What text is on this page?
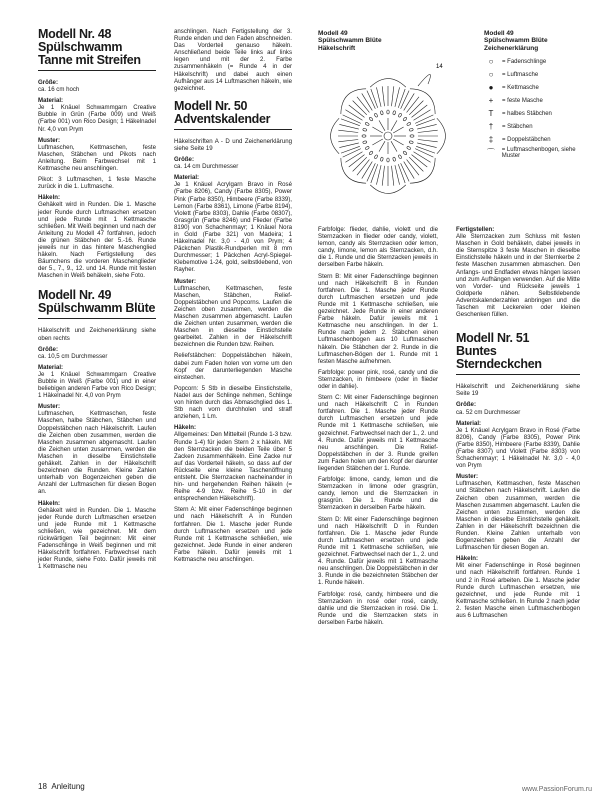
Modell Nr. 48
Spülschwamm
Tanne mit Streifen

Größe:
ca. 16 cm hoch

Material:
Je 1 Knäuel Schwammgarn Creative Bubble in Grün (Farbe 009) und Weiß (Farbe 001) von Rico Design; 1 Häkelnadel Nr. 4,0 von Prym

Muster:
Luftmaschen, Kettmaschen, feste Maschen, Stäbchen und Pikots nach Anleitung. Beim Farbwechsel mit 1 Kettmasche neu anschlingen.

Pikot: 3 Luftmaschen, 1 feste Masche zurück in die 1. Luftmasche.

Häkeln:
Gehäkelt wird in Runden. Die 1. Masche jeder Runde durch Luftmaschen ersetzen und jede Runde mit 1 Kettmasche schließen. Mit Weiß beginnen und nach der Anleitung zu Modell 47 fortfahren, jedoch die grünen Stäbchen der 5.-16. Runde jeweils nur in das hintere Maschenglied häkeln. Nach Fertigstellung des Bäumchens die vorderen Maschenglieder der 5., 7., 9., 12. und 14. Runde mit festen Maschen in Weiß behäkeln, siehe Foto.

Modell Nr. 49
Spülschwamm Blüte

Häkelschrift und Zeichenerklärung siehe oben rechts

Größe:
ca. 10,5 cm Durchmesser

Material:
Je 1 Knäuel Schwammgarn Creative Bubble in Weiß (Farbe 001) und in einer beliebigen anderen Farbe von Rico Design; 1 Häkelnadel Nr. 4,0 von Prym

Muster:
Luftmaschen, Kettmaschen, feste Maschen, halbe Stäbchen, Stäbchen und Doppelstäbchen nach Häkelschrift. Laufen die Zeichen oben zusammen, werden die Maschen zusammen abgemascht. Laufen die Zeichen unten zusammen, werden die Maschen in dieselbe Einstichstelle gehäkelt. Zahlen in der Häkelschrift bezeichnen die Runden. Kleine Zahlen unterhalb von Bogenzeichen geben die Anzahl der Luftmaschen für diesen Bogen an.

Häkeln:
Gehäkelt wird in Runden. Die 1. Masche jeder Runde durch Luftmaschen ersetzen und jede Runde mit 1 Kettmasche schließen, wie gezeichnet. Mit dem rückwärtigen Teil beginnen: Mit einer Fadenschlinge in Weiß beginnen und mit Häkelschrift fortfahren. Farbwechsel nach jeder Runde, siehe Foto. Dafür jeweils mit 1 Kettmasche neu

anschlingen. Nach Fertigstellung der 3. Runde enden und den Faden abschneiden. Das Vorderteil genauso häkeln. Anschließend beide Teile links auf links legen und mit der 2. Farbe zusammenhäkeln (= Runde 4 in der Häkelschrift) und dabei auch einen Aufhänger aus 14 Luftmaschen häkeln, wie gezeichnet.

Modell Nr. 50
Adventskalender

Häkelschriften A - D und Zeichenerklärung siehe Seite 19

Größe:
ca. 14 cm Durchmesser

Material:
Je 1 Knäuel Acrylgarn Bravo in Rosé (Farbe 8206), Candy (Farbe 8305), Power Pink (Farbe 8350), Himbeere (Farbe 8339), Lemon (Farbe 8361), Limone (Farbe 8194), Violett (Farbe 8303), Dahlie (Farbe 08307), Grasgrün (Farbe 8246) und Flieder (Farbe 8190) von Schachenmayr; 1 Knäuel Nora in Gold (Farbe 321) von Madeira; 1 Häkelnadel Nr. 3,0 - 4,0 von Prym; 4 Päckchen Plastik-Rundperlen mit 8 mm Durchmesser; 1 Päckchen Acryl-Spiegel-Klebemotive 1-24, gold, selbstklebend, von Rayher.

Muster:
Luftmaschen, Kettmaschen, feste Maschen, Stäbchen, Relief-Doppelstäbchen und Popcorns. Laufen die Zeichen oben zusammen, werden die Maschen zusammen abgemascht. Laufen die Zeichen unten zusammen, werden die Maschen in dieselbe Einstichstelle gearbeitet. Zahlen in der Häkelschrift bezeichnen die Runden bzw. Reihen.

Reliefstäbchen: Doppelstäbchen häkeln, dabei zum Faden holen von vorne um den Kopf der darunterliegenden Masche einstechen.

Popcorn: 5 Stb in dieselbe Einstichstelle, Nadel aus der Schlinge nehmen, Schlinge von hinten durch das Abmaschglied des 1. Stb nach vorn durchholen und straff anziehen, 1 Lm.

Häkeln:
Allgemeines: Den Mittelteil (Runde 1-3 bzw. Runde 1-4) für jeden Stern 2 x häkeln. Mit den Sternzacken die beiden Teile über 5 Zacken zusammenhäkeln. Eine Zacke nur auf das Vorderteil häkeln, so dass auf der Rückseite eine kleine Taschenöffnung entsteht. Die Sternzacken nacheinander in hin- und hergehenden Reihen häkeln (= Reihe 4-9 bzw. Reihe 5-10 in der entsprechenden Häkelschrift).

Stern A: Mit einer Fadenschlinge beginnen und nach Häkelschrift A in Runden fortfahren. Die 1. Masche jeder Runde durch Luftmaschen ersetzen und jede Runde mit 1 Kettmasche schließen, wie gezeichnet. Jede Runde in einer anderen Farbe häkeln. Dafür jeweils mit 1 Kettmasche neu anschlingen.

Modell 49
Spülschwamm Blüte
Häkelschrift
14
Modell 49
Spülschwamm Blüte
Zeichenerklärung
○	= Fadenschlinge
○	= Luftmasche
●	= Kettmasche
+	= feste Masche
T	= halbes Stäbchen
†	= Stäbchen
‡	= Doppelstäbchen
⌒	= Luftmaschenbogen, siehe Muster

Farbfolge: flieder, dahlie, violett und die Sternzacken in flieder oder candy, violett, lemon, candy als Sternzacken oder lemon, candy, limone, lemon als Sternzacken, d.h. die 1. Runde und die Sternzacken jeweils in derselben Farbe häkeln.

Stern B: Mit einer Fadenschlinge beginnen und nach Häkelschrift B in Runden fortfahren. Die 1. Masche jeder Runde durch Luftmaschen ersetzen und jede Runde mit 1 Kettmasche schließen, wie gezeichnet. Jede Runde in einer anderen Farbe häkeln. Dafür jeweils mit 1 Kettmasche neu anschlingen. In der 1. Runde nach jedem 2. Stäbchen einen Luftmaschenbogen aus 10 Luftmaschen häkeln. Die Stäbchen der 2. Runde in die Luftmaschen-Bögen der 1. Runde mit 1 festen Masche aufnehmen.

Farbfolge: power pink, rosé, candy und die Sternzacken, in himbeere (oder in flieder oder in dahlie).

Stern C: Mit einer Fadenschlinge beginnen und nach Häkelschrift C in Runden fortfahren. Die 1. Masche jeder Runde durch Luftmaschen ersetzen und jede Runde mit 1 Kettmasche schließen, wie gezeichnet. Farbwechsel nach der 1., 2. und 4. Runde. Dafür jeweils mit 1 Kettmasche neu anschlingen. Die Relief-Doppelstäbchen in der 3. Runde greifen zum Faden holen um den Kopf der darunter liegenden Stäbchen der 1. Runde.

Farbfolge: limone, candy, lemon und die Sternzacken in limone oder grasgrün, candy, lemon und die Sternzacken in grasgrün. Die 1. Runde und die Sternzacken in derselben Farbe häkeln.

Stern D: Mit einer Fadenschlinge beginnen und nach Häkelschrift D in Runden fortfahren. Die 1. Masche jeder Runde durch Luftmaschen ersetzen und jede Runde mit 1 Kettmasche schließen, wie gezeichnet. Farbwechsel nach der 1., 2. und 4. Runde. Dafür jeweils mit 1 Kettmasche neu anschlingen. Die Doppelstäbchen in der 3. Runde in die bezeichneten Stäbchen der 1. Runde häkeln.

Farbfolge: rosé, candy, himbeere und die Sternzacken in rosé oder rosé, candy, dahlie und die Sternzacken in rosé. Die 1. Runde und die Sternzacken stets in derselben Farbe häkeln.

Fertigstellen:
Alle Sternzacken zum Schluss mit festen Maschen in Gold behäkeln, dabei jeweils in die Sternspitze 3 feste Maschen in dieselbe Einstichstelle häkeln und in der Sternkerbe 2 feste Maschen zusammen abmaschen. Den Anfangs- und Endfaden etwas hängen lassen und zum Aufhängen verwenden. Auf die Mitte von Vorder- und Rückseite jeweils 1 Goldperle nähen. Selbstklebende Adventskalenderzahlen anbringen und die Taschen mit Leckereien oder kleinen Geschenken füllen.

Modell Nr. 51
Buntes Sterndeckchen

Häkelschrift und Zeichenerklärung siehe Seite 19

Größe:
ca. 52 cm Durchmesser

Material:
Je 1 Knäuel Acrylgarn Bravo in Rosé (Farbe 8206), Candy (Farbe 8305), Power Pink (Farbe 8350), Himbeere (Farbe 8339), Dahlie (Farbe 8307) und Violett (Farbe 8303) von Schachenmayr; 1 Häkelnadel Nr. 3,0 - 4,0 von Prym

Muster:
Luftmaschen, Kettmaschen, feste Maschen und Stäbchen nach Häkelschrift. Laufen die Zeichen oben zusammen, werden die Maschen zusammen abgemascht. Laufen die Zeichen unten zusammen, werden die Maschen in dieselbe Einstichstelle gehäkelt. Zahlen in der Häkelschrift bezeichnen die Runden. Kleine Zahlen unterhalb von Bogenzeichen geben die Anzahl der Luftmaschen für diesen Bogen an.

Häkeln:
Mit einer Fadenschlinge in Rosé beginnen und nach Häkelschrift fortfahren. Runde 1 und 2 in Rosé arbeiten. Die 1. Masche jeder Runde durch Luftmaschen ersetzen, wie gezeichnet, und jede Runde mit 1 Kettmasche schließen. In Runde 2 nach jeder 2. festen Masche einen Luftmaschenbogen aus 6 Luftmaschen

18 Anleitung	www.PassionForum.ru
